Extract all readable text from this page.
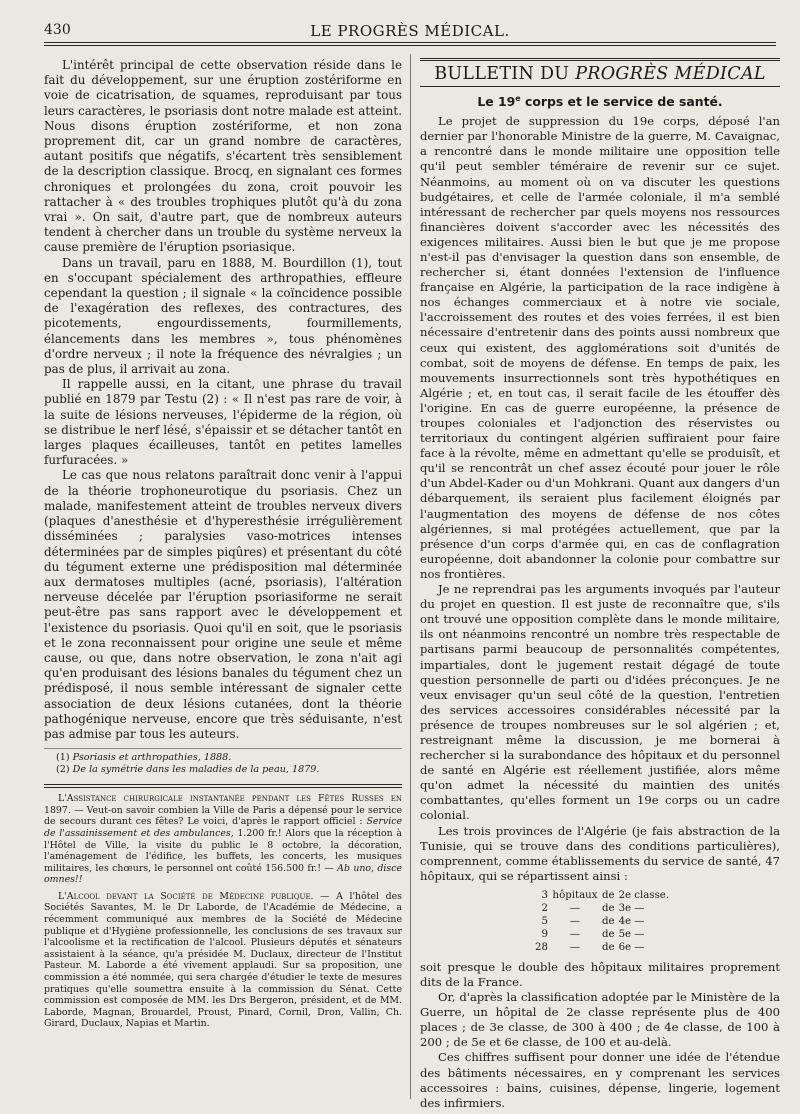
430	LE PROGRÈS MÉDICAL.

L'intérêt principal de cette observation réside dans le fait du développement, sur une éruption zostériforme en voie de cicatrisation, de squames, reproduisant par tous leurs caractères, le psoriasis dont notre malade est atteint. Nous disons éruption zostériforme, et non zona proprement dit, car un grand nombre de caractères, autant positifs que négatifs, s'écartent très sensiblement de la description classique. Brocq, en signalant ces formes chroniques et prolongées du zona, croit pouvoir les rattacher à « des troubles trophiques plutôt qu'à du zona vrai ». On sait, d'autre part, que de nombreux auteurs tendent à chercher dans un trouble du système nerveux la cause première de l'éruption psoriasique.

Dans un travail, paru en 1888, M. Bourdillon (1), tout en s'occupant spécialement des arthropathies, effleure cependant la question ; il signale « la coïncidence possible de l'exagération des reflexes, des contractures, des picotements, engourdissements, fourmillements, élancements dans les membres », tous phénomènes d'ordre nerveux ; il note la fréquence des névralgies ; un pas de plus, il arrivait au zona.

Il rappelle aussi, en la citant, une phrase du travail publié en 1879 par Testu (2) : « Il n'est pas rare de voir, à la suite de lésions nerveuses, l'épiderme de la région, où se distribue le nerf lésé, s'épaissir et se détacher tantôt en larges plaques écailleuses, tantôt en petites lamelles furfuracées. »

Le cas que nous relatons paraîtrait donc venir à l'appui de la théorie trophoneurotique du psoriasis. Chez un malade, manifestement atteint de troubles nerveux divers (plaques d'anesthésie et d'hyperesthésie irrégulièrement disséminées ; paralysies vaso-motrices intenses déterminées par de simples piqûres) et présentant du côté du tégument externe une prédisposition mal déterminée aux dermatoses multiples (acné, psoriasis), l'altération nerveuse décelée par l'éruption psoriasiforme ne serait peut-être pas sans rapport avec le développement et l'existence du psoriasis. Quoi qu'il en soit, que le psoriasis et le zona reconnaissent pour origine une seule et même cause, ou que, dans notre observation, le zona n'ait agi qu'en produisant des lésions banales du tégument chez un prédisposé, il nous semble intéressant de signaler cette association de deux lésions cutanées, dont la théorie pathogénique nerveuse, encore que très séduisante, n'est pas admise par tous les auteurs.

(1) Psoriasis et arthropathies, 1888.

(2) De la symétrie dans les maladies de la peau, 1879.

L'Assistance chirurgicale instantanée pendant les Fêtes Russes en 1897. — Veut-on savoir combien la Ville de Paris a dépensé pour le service de secours durant ces fêtes? Le voici, d'après le rapport officiel : Service de l'assainissement et des ambulances, 1.200 fr.! Alors que la réception à l'Hôtel de Ville, la visite du public le 8 octobre, la décoration, l'aménagement de l'édifice, les buffets, les concerts, les musiques militaires, les chœurs, le personnel ont coûté 156.500 fr.! — Ab uno, disce omnes!!

L'Alcool devant la Société de Médecine publique. — A l'hôtel des Sociétés Savantes, M. le Dr Laborde, de l'Académie de Médecine, a récemment communiqué aux membres de la Société de Médecine publique et d'Hygiène professionnelle, les conclusions de ses travaux sur l'alcoolisme et la rectification de l'alcool. Plusieurs députés et sénateurs assistaient à la séance, qu'a présidée M. Duclaux, directeur de l'Institut Pasteur. M. Laborde a été vivement applaudi. Sur sa proposition, une commission a été nommée, qui sera chargée d'étudier le texte de mesures pratiques qu'elle soumettra ensuite à la commission du Sénat. Cette commission est composée de MM. les Drs Bergeron, président, et de MM. Laborde, Magnan, Brouardel, Proust, Pinard, Cornil, Dron, Vallin, Ch. Girard, Duclaux, Napias et Martin.

BULLETIN DU PROGRÈS MÉDICAL
Le 19e corps et le service de santé.

Le projet de suppression du 19e corps, déposé l'an dernier par l'honorable Ministre de la guerre, M. Cavaignac, a rencontré dans le monde militaire une opposition telle qu'il peut sembler téméraire de revenir sur ce sujet. Néanmoins, au moment où on va discuter les questions budgétaires, et celle de l'armée coloniale, il m'a semblé intéressant de rechercher par quels moyens nos ressources financières doivent s'accorder avec les nécessités des exigences militaires. Aussi bien le but que je me propose n'est-il pas d'envisager la question dans son ensemble, de rechercher si, étant données l'extension de l'influence française en Algérie, la participation de la race indigène à nos échanges commerciaux et à notre vie sociale, l'accroissement des routes et des voies ferrées, il est bien nécessaire d'entretenir dans des points aussi nombreux que ceux qui existent, des agglomérations soit d'unités de combat, soit de moyens de défense. En temps de paix, les mouvements insurrectionnels sont très hypothétiques en Algérie ; et, en tout cas, il serait facile de les étouffer dès l'origine. En cas de guerre européenne, la présence de troupes coloniales et l'adjonction des réservistes ou territoriaux du contingent algérien suffiraient pour faire face à la révolte, même en admettant qu'elle se produisît, et qu'il se rencontrât un chef assez écouté pour jouer le rôle d'un Abdel-Kader ou d'un Mohkrani. Quant aux dangers d'un débarquement, ils seraient plus facilement éloignés par l'augmentation des moyens de défense de nos côtes algériennes, si mal protégées actuellement, que par la présence d'un corps d'armée qui, en cas de conflagration européenne, doit abandonner la colonie pour combattre sur nos frontières.

Je ne reprendrai pas les arguments invoqués par l'auteur du projet en question. Il est juste de reconnaître que, s'ils ont trouvé une opposition complète dans le monde militaire, ils ont néanmoins rencontré un nombre très respectable de partisans parmi beaucoup de personnalités compétentes, impartiales, dont le jugement restait dégagé de toute question personnelle de parti ou d'idées préconçues. Je ne veux envisager qu'un seul côté de la question, l'entretien des services accessoires considérables nécessité par la présence de troupes nombreuses sur le sol algérien ; et, restreignant même la discussion, je me bornerai à rechercher si la surabondance des hôpitaux et du personnel de santé en Algérie est réellement justifiée, alors même qu'on admet la nécessité du maintien des unités combattantes, qu'elles forment un 19e corps ou un cadre colonial.

Les trois provinces de l'Algérie (je fais abstraction de la Tunisie, qui se trouve dans des conditions particulières), comprennent, comme établissements du service de santé, 47 hôpitaux, qui se répartissent ainsi :

3	hôpitaux	de	2e classe.
2	—	de	3e —
5	—	de	4e —
9	—	de	5e —
28	—	de	6e —

soit presque le double des hôpitaux militaires proprement dits de la France.

Or, d'après la classification adoptée par le Ministère de la Guerre, un hôpital de 2e classe représente plus de 400 places ; de 3e classe, de 300 à 400 ; de 4e classe, de 100 à 200 ; de 5e et 6e classe, de 100 et au-delà.

Ces chiffres suffisent pour donner une idée de l'étendue des bâtiments nécessaires, en y comprenant les services accessoires : bains, cuisines, dépense, lingerie, logement des infirmiers.
